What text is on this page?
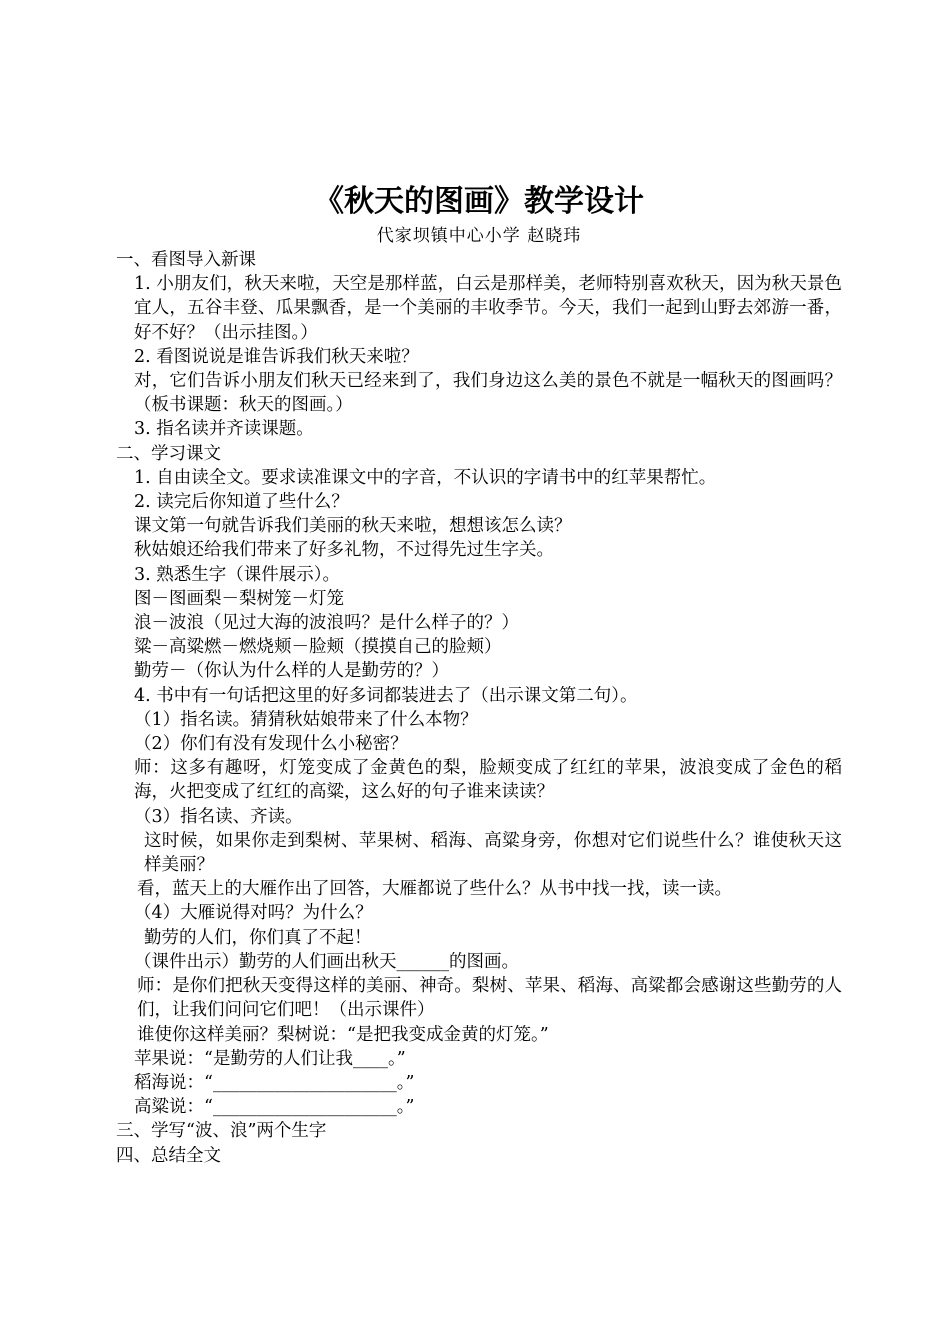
《秋天的图画》教学设计

代家坝镇中心小学 赵晓玮

一、看图导入新课

1. 小朋友们，秋天来啦，天空是那样蓝，白云是那样美，老师特别喜欢秋天，因为秋天景色宜人，五谷丰登、瓜果飘香，是一个美丽的丰收季节。今天，我们一起到山野去郊游一番，好不好？（出示挂图。）

2. 看图说说是谁告诉我们秋天来啦？

对，它们告诉小朋友们秋天已经来到了，我们身边这么美的景色不就是一幅秋天的图画吗？（板书课题：秋天的图画。）

3. 指名读并齐读课题。

二、学习课文

1. 自由读全文。要求读准课文中的字音，不认识的字请书中的红苹果帮忙。

2. 读完后你知道了些什么？

课文第一句就告诉我们美丽的秋天来啦，想想该怎么读？

秋姑娘还给我们带来了好多礼物，不过得先过生字关。

3. 熟悉生字（课件展示）。

图－图画梨－梨树笼－灯笼

浪－波浪（见过大海的波浪吗？是什么样子的？）

粱－高粱燃－燃烧颊－脸颊（摸摸自己的脸颊）

勤劳－（你认为什么样的人是勤劳的？）

4. 书中有一句话把这里的好多词都装进去了（出示课文第二句）。

（1）指名读。猜猜秋姑娘带来了什么本物？

（2）你们有没有发现什么小秘密？

师：这多有趣呀，灯笼变成了金黄色的梨，脸颊变成了红红的苹果，波浪变成了金色的稻海，火把变成了红红的高粱，这么好的句子谁来读读？

（3）指名读、齐读。

这时候，如果你走到梨树、苹果树、稻海、高粱身旁，你想对它们说些什么？谁使秋天这样美丽？

看，蓝天上的大雁作出了回答，大雁都说了些什么？从书中找一找，读一读。

（4）大雁说得对吗？为什么？

勤劳的人们，你们真了不起！

（课件出示）勤劳的人们画出秋天______的图画。

师：是你们把秋天变得这样的美丽、神奇。梨树、苹果、稻海、高粱都会感谢这些勤劳的人们，让我们问问它们吧！（出示课件）

谁使你这样美丽？梨树说：“是把我变成金黄的灯笼。”

苹果说：“是勤劳的人们让我____。”

稻海说：“_____________________。”

高粱说：“_____________________。”

三、学写“波、浪”两个生字

四、总结全文
